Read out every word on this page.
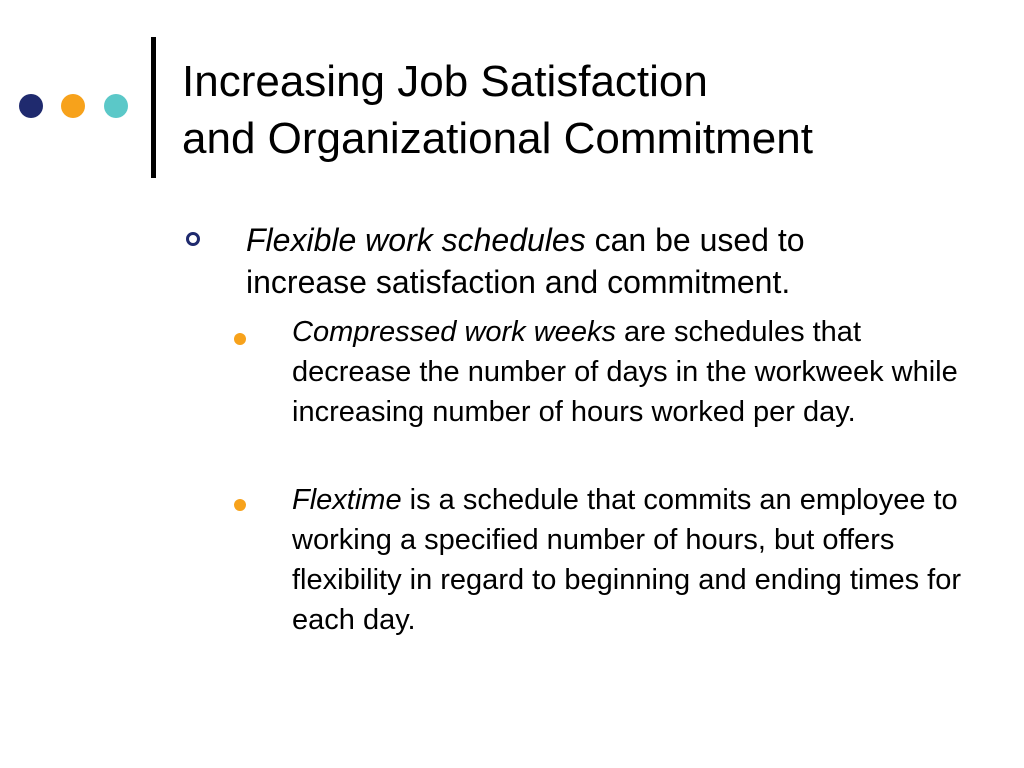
Increasing Job Satisfaction
and Organizational Commitment
Flexible work schedules can be used to
increase satisfaction and commitment.
Compressed work weeks are schedules that decrease the number of days in the workweek while increasing number of hours worked per day.
Flextime is a schedule that commits an employee to working a specified number of hours, but offers flexibility in regard to beginning and ending times for each day.
